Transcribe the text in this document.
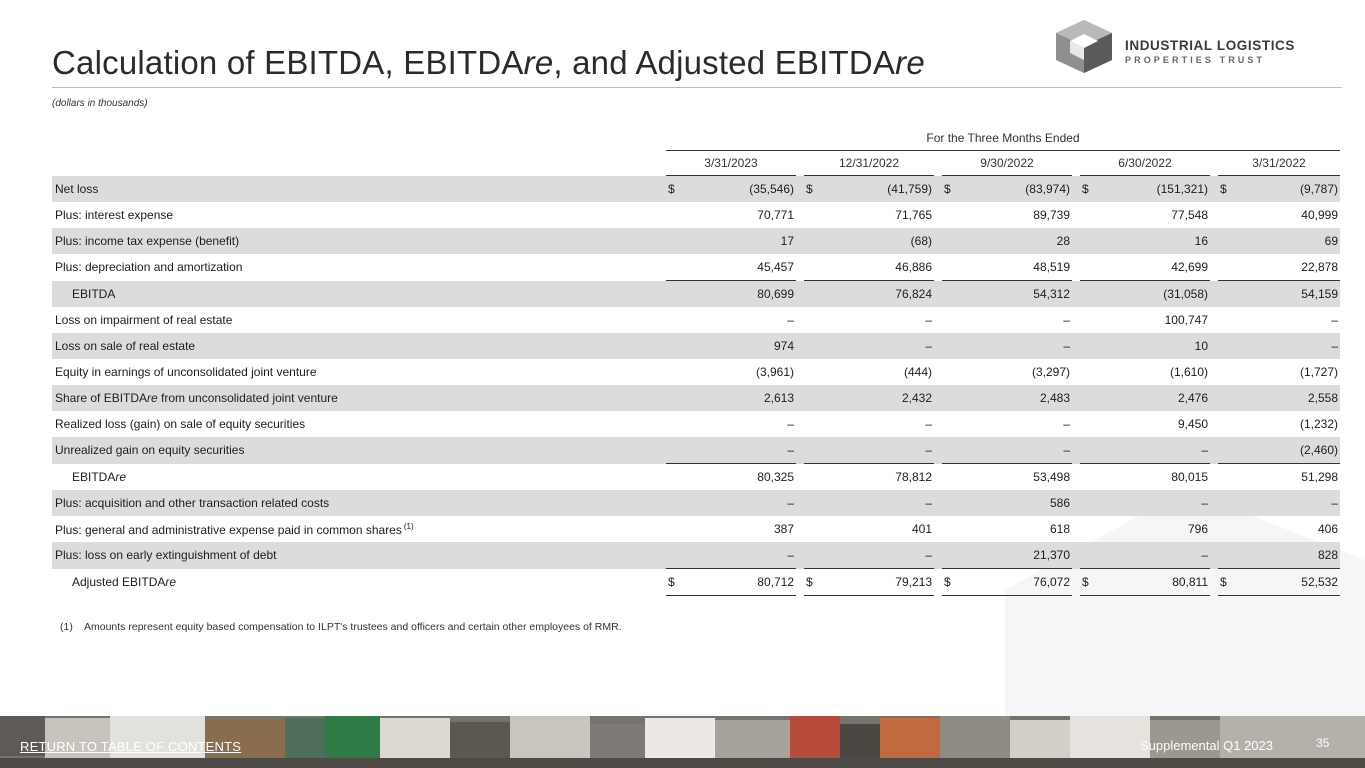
Calculation of EBITDA, EBITDAre, and Adjusted EBITDAre
(dollars in thousands)
INDUSTRIAL LOGISTICS
PROPERTIES TRUST
		For the Three Months Ended													
		3/31/2023			12/31/2022			9/30/2022			6/30/2022			3/31/2022	
Net loss		$	(35,546)		$	(41,759)		$	(83,974)		$	(151,321)		$	(9,787)
Plus: interest expense			70,771			71,765			89,739			77,548			40,999
Plus: income tax expense (benefit)			17			(68)			28			16			69
Plus: depreciation and amortization			45,457			46,886			48,519			42,699			22,878
EBITDA			80,699			76,824			54,312			(31,058)			54,159
Loss on impairment of real estate			–			–			–			100,747			–
Loss on sale of real estate			974			–			–			10			–
Equity in earnings of unconsolidated joint venture			(3,961)			(444)			(3,297)			(1,610)			(1,727)
Share of EBITDAre from unconsolidated joint venture			2,613			2,432			2,483			2,476			2,558
Realized loss (gain) on sale of equity securities			–			–			–			9,450			(1,232)
Unrealized gain on equity securities			–			–			–			–			(2,460)
EBITDAre			80,325			78,812			53,498			80,015			51,298
Plus: acquisition and other transaction related costs			–			–			586			–			–
Plus: general and administrative expense paid in common shares $^{(1)}$			387			401			618			796			406
Plus: loss on early extinguishment of debt			–			–			21,370			–			828
Adjusted EBITDAre		$	80,712		$	79,213		$	76,072		$	80,811		$	52,532
(1) Amounts represent equity based compensation to ILPT's trustees and officers and certain other employees of RMR.
RETURN TO TABLE OF CONTENTS	Supplemental Q1 2023	35
